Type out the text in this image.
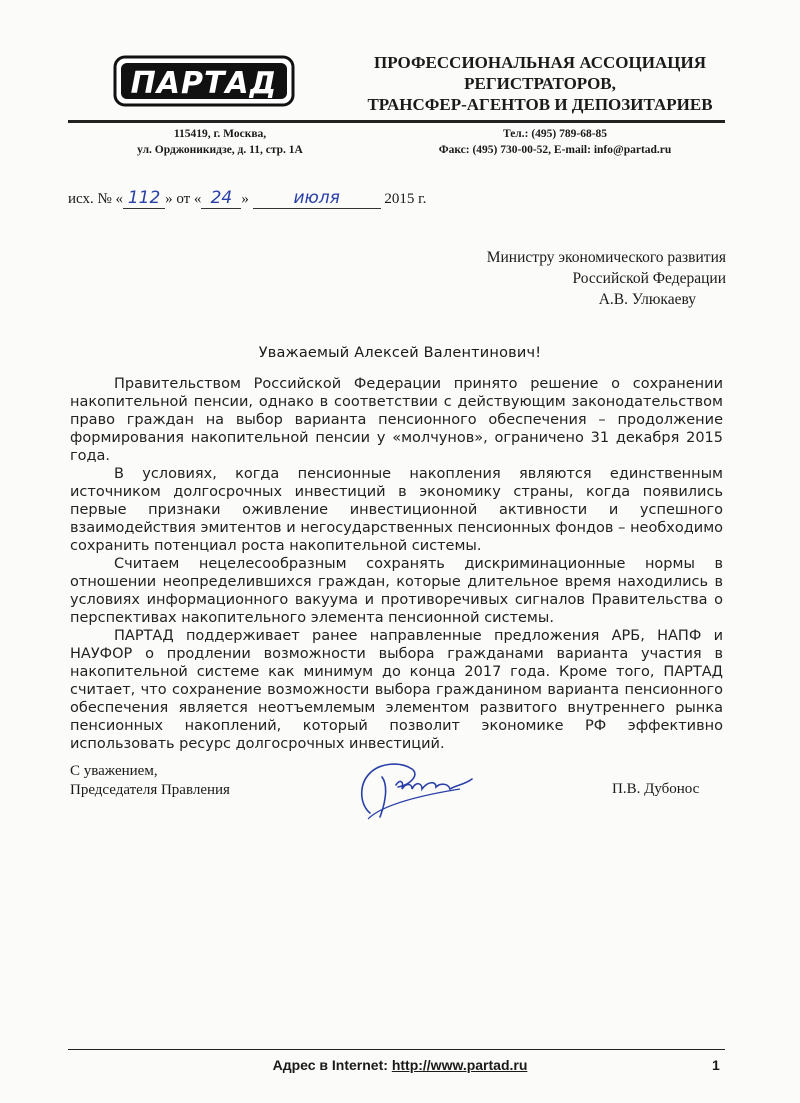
ПАРТАД
ПРОФЕССИОНАЛЬНАЯ АССОЦИАЦИЯ
РЕГИСТРАТОРОВ,
ТРАНСФЕР-АГЕНТОВ И ДЕПОЗИТАРИЕВ
115419, г. Москва,
ул. Орджоникидзе, д. 11, стр. 1А
Тел.: (495) 789-68-85
Факс: (495) 730-00-52, E-mail: info@partad.ru
исх. № « 112 » от « 24 »	июля	2015 г.
Министру экономического развития
Российской Федерации
А.В. Улюкаеву
Уважаемый Алексей Валентинович!

Правительством Российской Федерации принято решение о сохранении накопительной пенсии, однако в соответствии с действующим законодательством право граждан на выбор варианта пенсионного обеспечения – продолжение формирования накопительной пенсии у «молчунов», ограничено 31 декабря 2015 года.

В условиях, когда пенсионные накопления являются единственным источником долгосрочных инвестиций в экономику страны, когда появились первые признаки оживление инвестиционной активности и успешного взаимодействия эмитентов и негосударственных пенсионных фондов – необходимо сохранить потенциал роста накопительной системы.

Считаем нецелесообразным сохранять дискриминационные нормы в отношении неопределившихся граждан, которые длительное время находились в условиях информационного вакуума и противоречивых сигналов Правительства о перспективах накопительного элемента пенсионной системы.

ПАРТАД поддерживает ранее направленные предложения АРБ, НАПФ и НАУФОР о продлении возможности выбора гражданами варианта участия в накопительной системе как минимум до конца 2017 года. Кроме того, ПАРТАД считает, что сохранение возможности выбора гражданином варианта пенсионного обеспечения является неотъемлемым элементом развитого внутреннего рынка пенсионных накоплений, который позволит экономике РФ эффективно использовать ресурс долгосрочных инвестиций.

С уважением,
Председателя Правления	П.В. Дубонос
Адрес в Internet: http://www.partad.ru	1
